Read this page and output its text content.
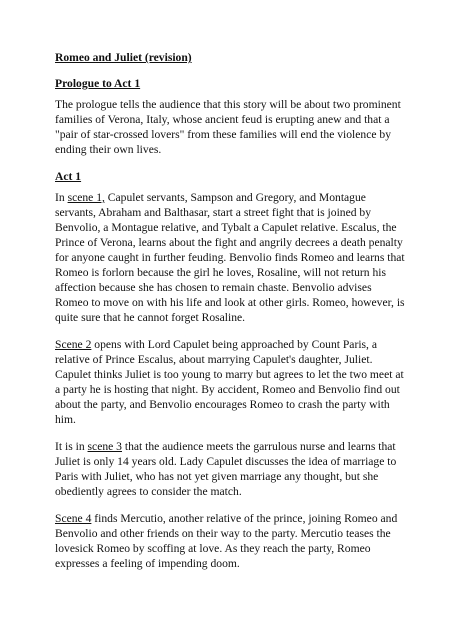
Romeo and Juliet (revision)
Prologue to Act 1

The prologue tells the audience that this story will be about two prominent families of Verona, Italy, whose ancient feud is erupting anew and that a "pair of star-crossed lovers" from these families will end the violence by ending their own lives.

Act 1

In scene 1, Capulet servants, Sampson and Gregory, and Montague servants, Abraham and Balthasar, start a street fight that is joined by Benvolio, a Montague relative, and Tybalt a Capulet relative. Escalus, the Prince of Verona, learns about the fight and angrily decrees a death penalty for anyone caught in further feuding. Benvolio finds Romeo and learns that Romeo is forlorn because the girl he loves, Rosaline, will not return his affection because she has chosen to remain chaste. Benvolio advises Romeo to move on with his life and look at other girls. Romeo, however, is quite sure that he cannot forget Rosaline.

Scene 2 opens with Lord Capulet being approached by Count Paris, a relative of Prince Escalus, about marrying Capulet's daughter, Juliet. Capulet thinks Juliet is too young to marry but agrees to let the two meet at a party he is hosting that night. By accident, Romeo and Benvolio find out about the party, and Benvolio encourages Romeo to crash the party with him.

It is in scene 3 that the audience meets the garrulous nurse and learns that Juliet is only 14 years old. Lady Capulet discusses the idea of marriage to Paris with Juliet, who has not yet given marriage any thought, but she obediently agrees to consider the match.

Scene 4 finds Mercutio, another relative of the prince, joining Romeo and Benvolio and other friends on their way to the party. Mercutio teases the lovesick Romeo by scoffing at love. As they reach the party, Romeo expresses a feeling of impending doom.
